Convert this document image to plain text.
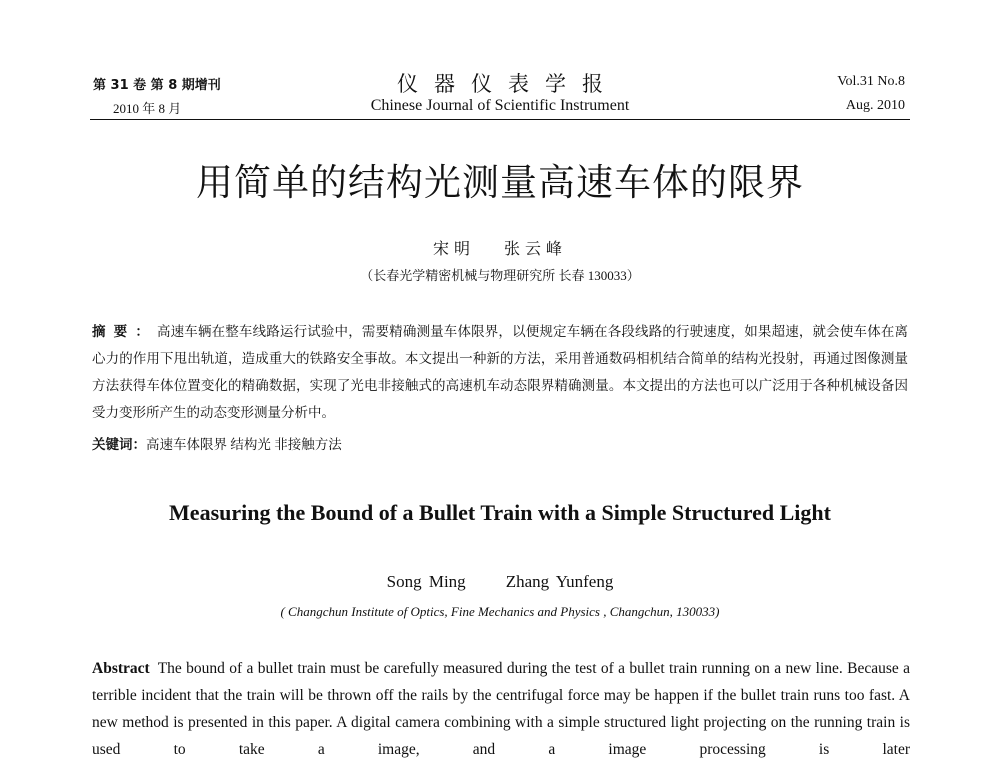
第 31 卷 第 8 期增刊
2010 年 8 月
仪器仪表学报
Chinese Journal of Scientific Instrument
Vol.31 No.8
Aug. 2010
用简单的结构光测量高速车体的限界
宋明 张云峰
（长春光学精密机械与物理研究所 长春 130033）
摘要：高速车辆在整车线路运行试验中，需要精确测量车体限界，以便规定车辆在各段线路的行驶速度，如果超速，就会使车体在离心力的作用下甩出轨道，造成重大的铁路安全事故。本文提出一种新的方法，采用普通数码相机结合简单的结构光投射，再通过图像测量方法获得车体位置变化的精确数据，实现了光电非接触式的高速机车动态限界精确测量。本文提出的方法也可以广泛用于各种机械设备因受力变形所产生的动态变形测量分析中。
关键词：高速车体限界 结构光 非接触方法
Measuring the Bound of a Bullet Train with a Simple Structured Light
Song Ming Zhang Yunfeng
( Changchun Institute of Optics, Fine Mechanics and Physics , Changchun, 130033)
Abstract The bound of a bullet train must be carefully measured during the test of a bullet train running on a new line. Because a terrible incident that the train will be thrown off the rails by the centrifugal force may be happen if the bullet train runs too fast. A new method is presented in this paper. A digital camera combining with a simple structured light projecting on the running train is used to take a image, and a image processing is later
